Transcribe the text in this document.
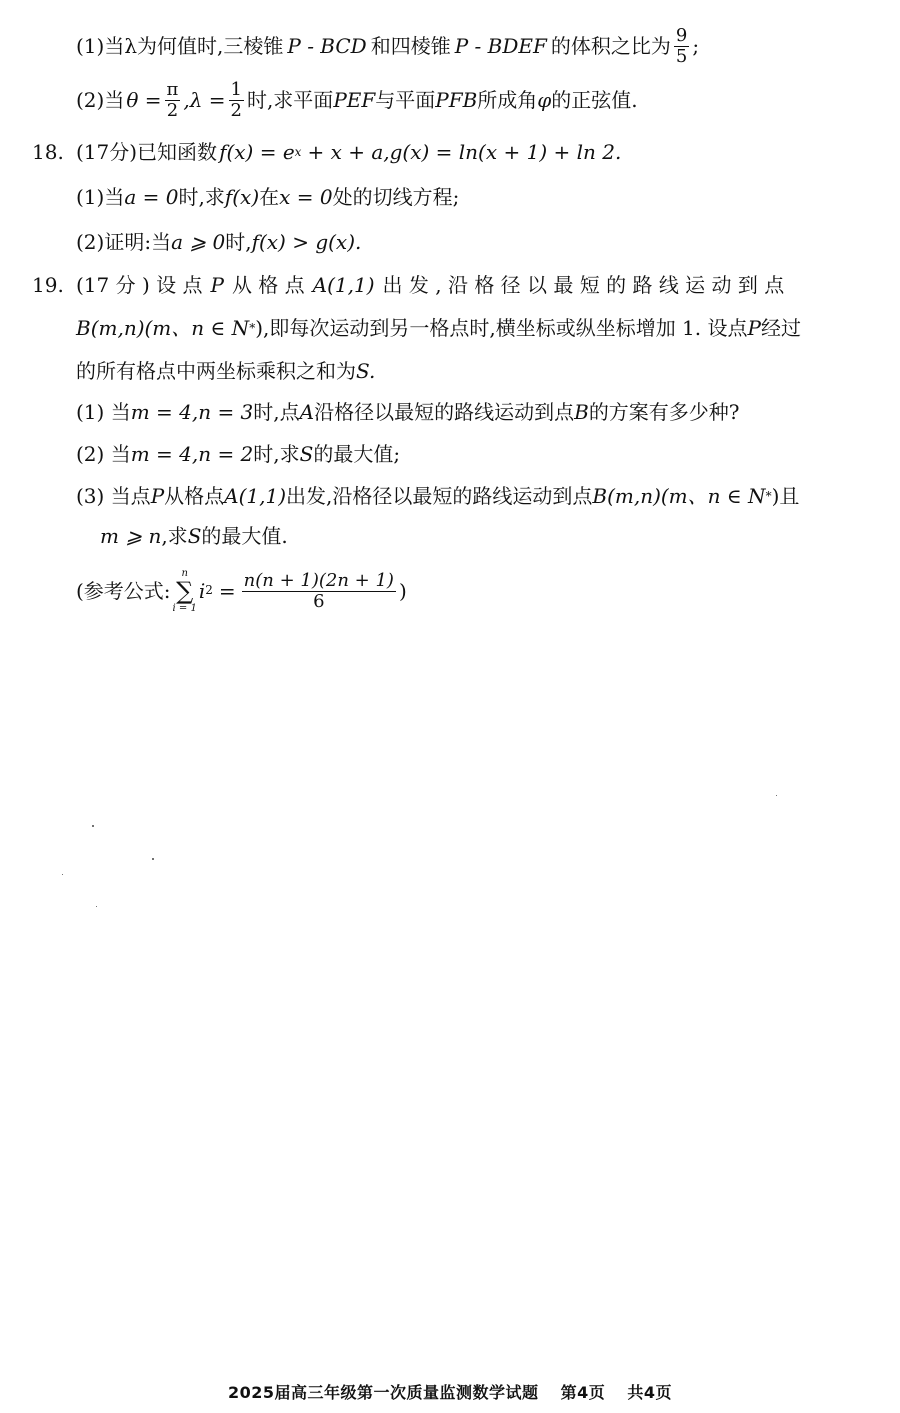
(1)当λ为何值时,三棱锥 P - BCD 和四棱锥 P - BDEF 的体积之比为 $\frac{9}{5}$ ;
(2)当 $\theta = \frac{\pi}{2} ,\lambda = \frac{1}{2}$ 时,求平面 PEF 与平面 PFB 所成角 φ 的正弦值.
18. (17分)已知函数 f(x) = e x + x + a, g(x) = ln(x + 1) + ln 2.
(1)当 a = 0 时,求 f(x) 在 x = 0 处的切线方程;
(2)证明:当 a ⩾ 0 时, f(x) > g(x).
19. (17 分 ) 设 点 P 从 格 点 A(1,1) 出 发 , 沿 格 径 以 最 短 的 路 线 运 动 到 点
B(m,n)(m、n ∈ N * ),即每次运动到另一格点时,横坐标或纵坐标增加 1. 设点 P 经过
的所有格点中两坐标乘积之和为 S.
(1) 当 m = 4,n = 3 时,点 A 沿格径以最短的路线运动到点 B 的方案有多少种?
(2) 当 m = 4,n = 2 时,求 S 的最大值;
(3) 当点 P 从格点 A(1,1) 出发,沿格径以最短的路线运动到点 B(m,n)(m、n ∈ N * )且
m ⩾ n ,求 S 的最大值.
(参考公式:
n
∑
i = 1
i $2 = \frac{n(n + 1)(2n + 1)}{6}$ )
2025届高三年级第一次质量监测数学试题 第4页 共4页
